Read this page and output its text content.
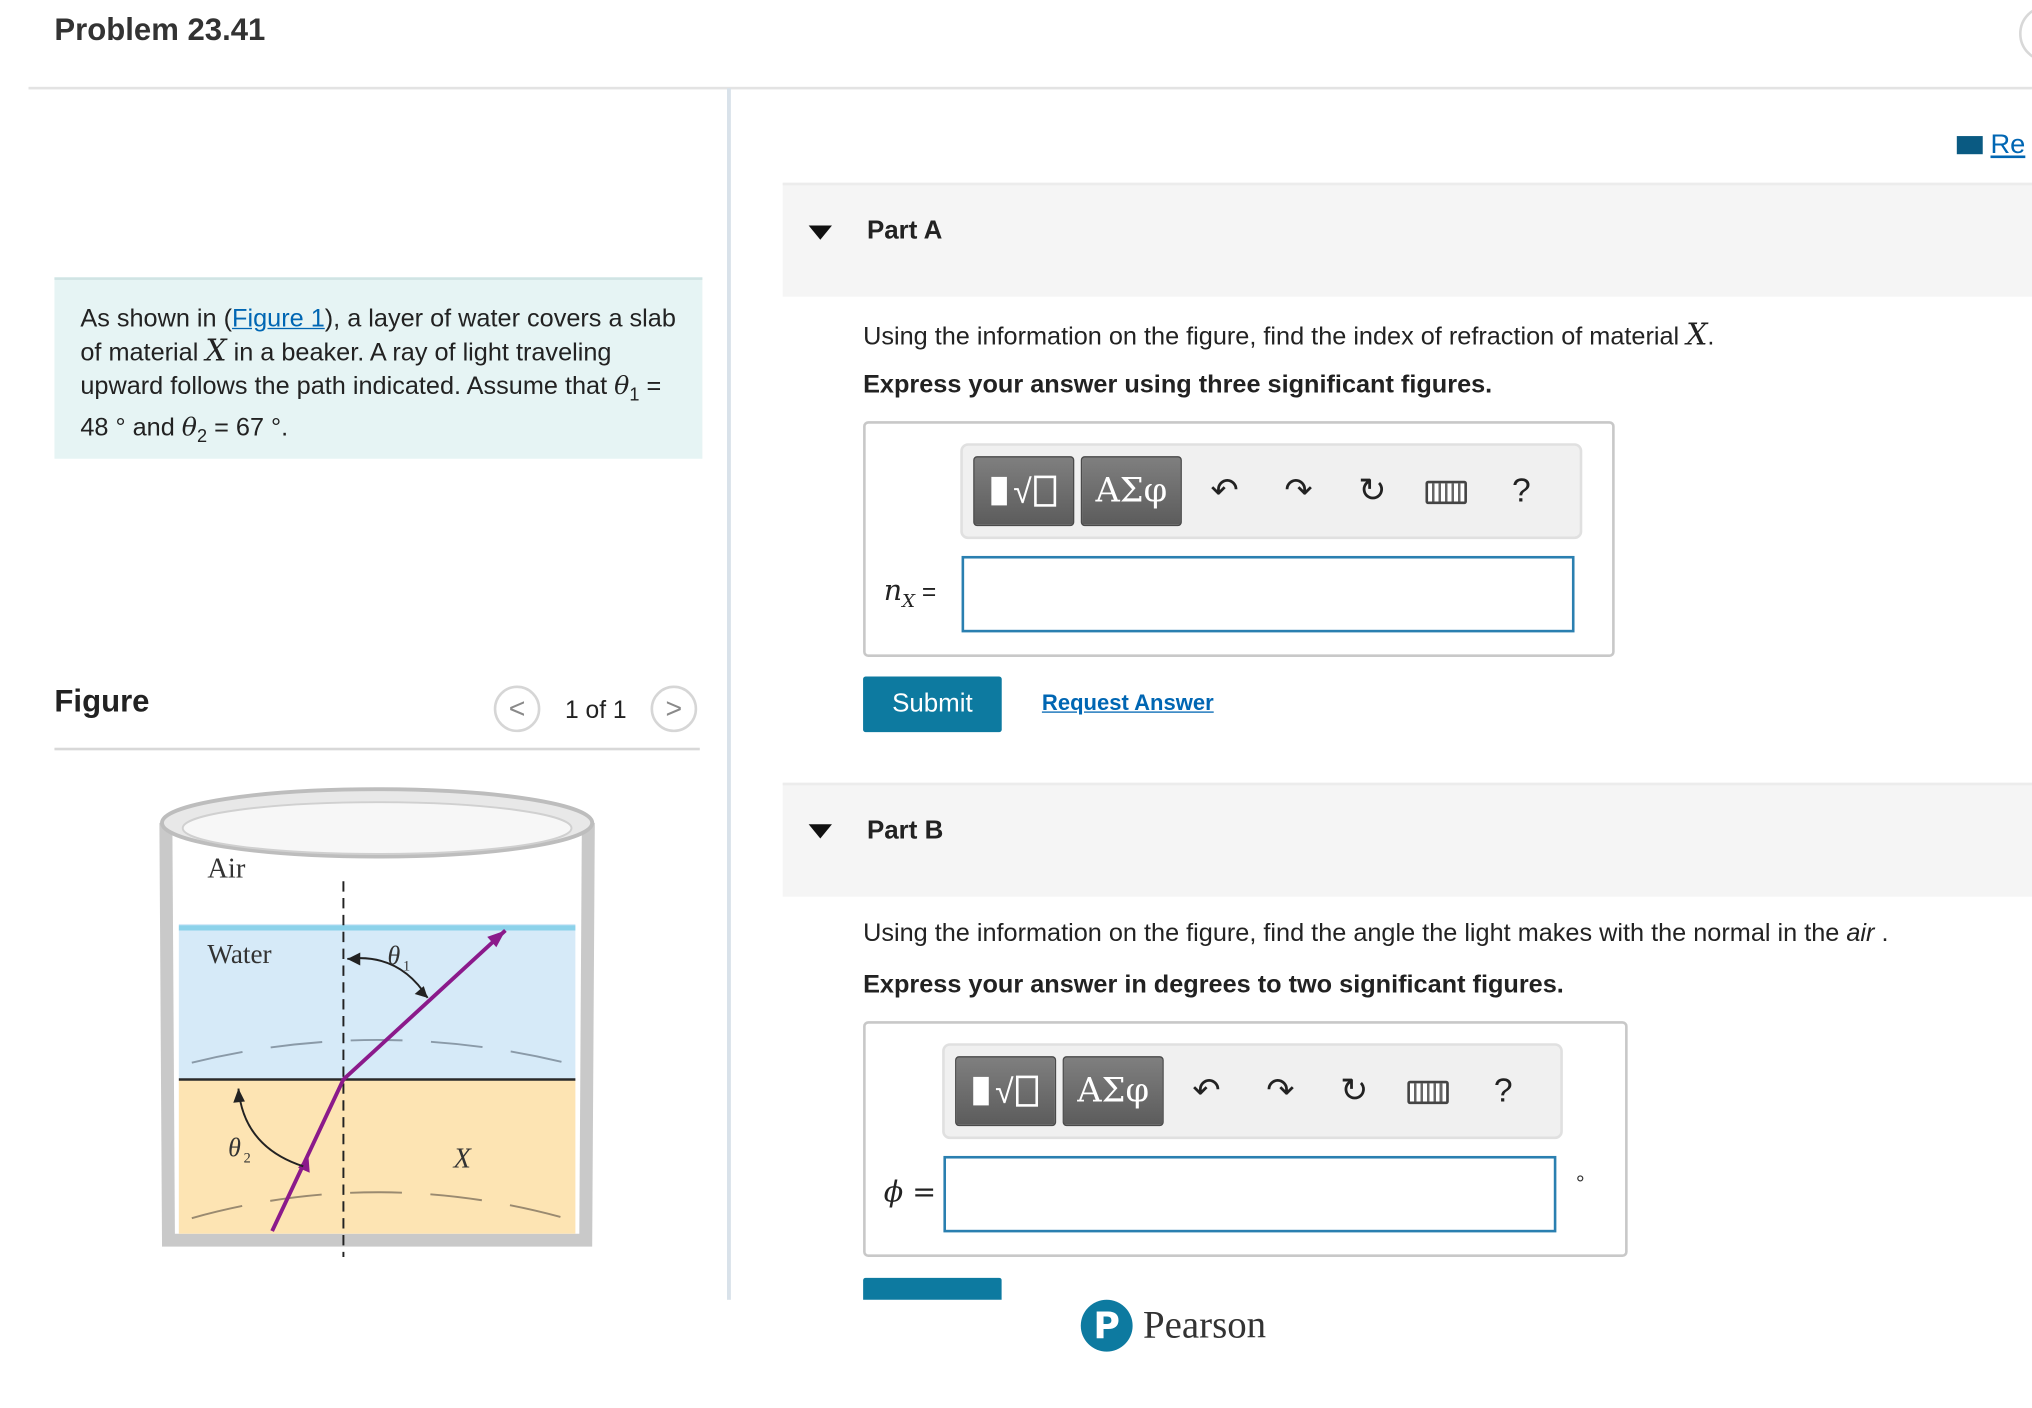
Problem 23.41
As shown in (Figure 1), a layer of water covers a slab of material X in a beaker. A ray of light traveling upward follows the path indicated. Assume that $\theta_1 = 48$ ° and $\theta_2 = 67$ °.
Figure	<	1 of 1	>
Air
Water
X
θ 1
θ 2
Re
Part A
Using the information on the figure, find the index of refraction of material X.
Express your answer using three significant figures.
√	ΑΣφ	↶ ↷ ↻	?
$n_X$ =
Submit	Request Answer
Part B
Using the information on the figure, find the angle the light makes with the normal in the air .
Express your answer in degrees to two significant figures.
√	ΑΣφ	↶ ↷ ↻	?
ϕ =	°
P Pearson
